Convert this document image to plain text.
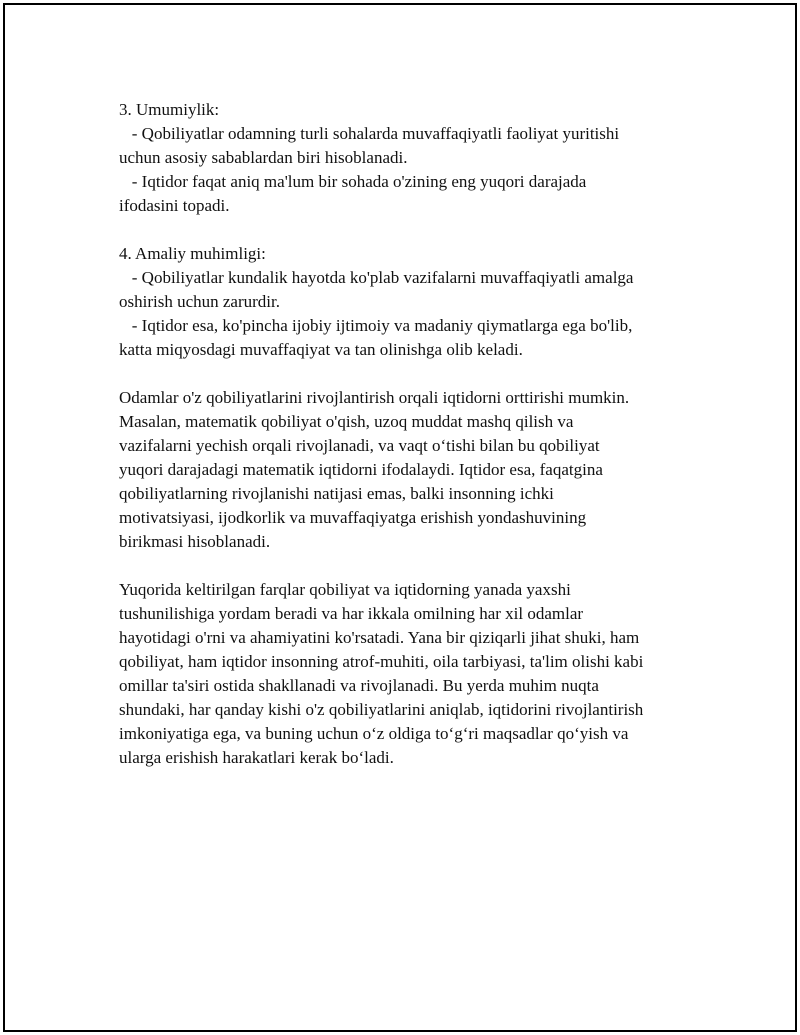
3. Umumiylik:
- Qobiliyatlar odamning turli sohalarda muvaffaqiyatli faoliyat yuritishi
uchun asosiy sabablardan biri hisoblanadi.
- Iqtidor faqat aniq ma'lum bir sohada o'zining eng yuqori darajada
ifodasini topadi.
4. Amaliy muhimligi:
- Qobiliyatlar kundalik hayotda ko'plab vazifalarni muvaffaqiyatli amalga
oshirish uchun zarurdir.
- Iqtidor esa, ko'pincha ijobiy ijtimoiy va madaniy qiymatlarga ega bo'lib,
katta miqyosdagi muvaffaqiyat va tan olinishga olib keladi.
Odamlar o'z qobiliyatlarini rivojlantirish orqali iqtidorni orttirishi mumkin.
Masalan, matematik qobiliyat o'qish, uzoq muddat mashq qilish va
vazifalarni yechish orqali rivojlanadi, va vaqt o‘tishi bilan bu qobiliyat
yuqori darajadagi matematik iqtidorni ifodalaydi. Iqtidor esa, faqatgina
qobiliyatlarning rivojlanishi natijasi emas, balki insonning ichki
motivatsiyasi, ijodkorlik va muvaffaqiyatga erishish yondashuvining
birikmasi hisoblanadi.
Yuqorida keltirilgan farqlar qobiliyat va iqtidorning yanada yaxshi
tushunilishiga yordam beradi va har ikkala omilning har xil odamlar
hayotidagi o'rni va ahamiyatini ko'rsatadi. Yana bir qiziqarli jihat shuki, ham
qobiliyat, ham iqtidor insonning atrof-muhiti, oila tarbiyasi, ta'lim olishi kabi
omillar ta'siri ostida shakllanadi va rivojlanadi. Bu yerda muhim nuqta
shundaki, har qanday kishi o'z qobiliyatlarini aniqlab, iqtidorini rivojlantirish
imkoniyatiga ega, va buning uchun o‘z oldiga to‘g‘ri maqsadlar qo‘yish va
ularga erishish harakatlari kerak bo‘ladi.
